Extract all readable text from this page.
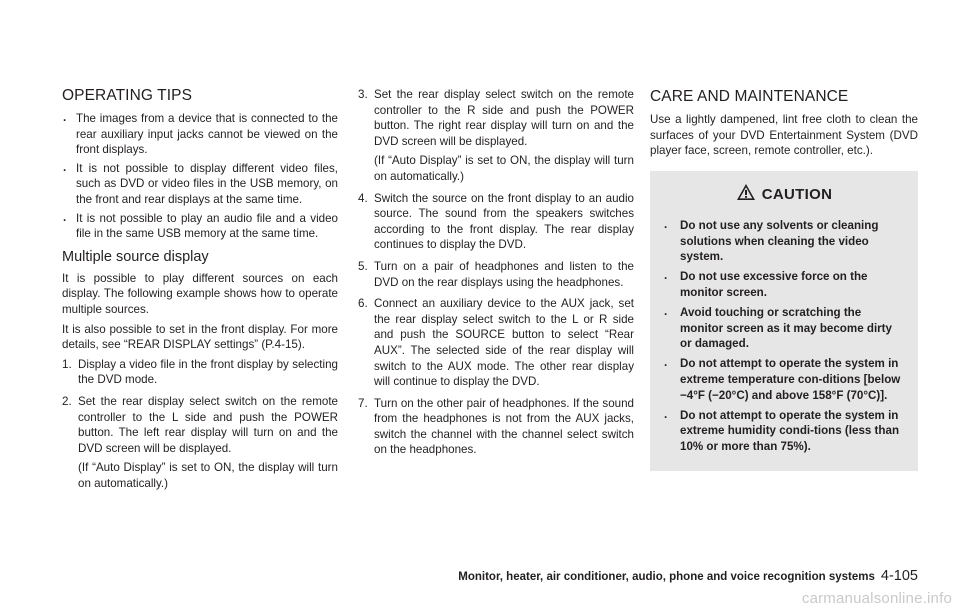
OPERATING TIPS
. The images from a device that is connected to the rear auxiliary input jacks cannot be viewed on the front displays.
. It is not possible to display different video files, such as DVD or video files in the USB memory, on the front and rear displays at the same time.
. It is not possible to play an audio file and a video file in the same USB memory at the same time.
Multiple source display

It is possible to play different sources on each display. The following example shows how to operate multiple sources.

It is also possible to set in the front display. For more details, see “REAR DISPLAY settings” (P.4-15).

1. Display a video file in the front display by selecting the DVD mode.
2. Set the rear display select switch on the remote controller to the L side and push the POWER button. The left rear display will turn on and the DVD screen will be displayed.
(If “Auto Display” is set to ON, the display will turn on automatically.)
3. Set the rear display select switch on the remote controller to the R side and push the POWER button. The right rear display will turn on and the DVD screen will be displayed.
(If “Auto Display” is set to ON, the display will turn on automatically.)
4. Switch the source on the front display to an audio source. The sound from the speakers switches according to the front display. The rear display continues to display the DVD.
5. Turn on a pair of headphones and listen to the DVD on the rear displays using the headphones.
6. Connect an auxiliary device to the AUX jack, set the rear display select switch to the L or R side and push the SOURCE button to select “Rear AUX”. The selected side of the rear display will switch to the AUX mode. The other rear display will continue to display the DVD.
7. Turn on the other pair of headphones. If the sound from the headphones is not from the AUX jacks, switch the channel with the channel select switch on the headphones.
CARE AND MAINTENANCE

Use a lightly dampened, lint free cloth to clean the surfaces of your DVD Entertainment System (DVD player face, screen, remote controller, etc.).

CAUTION
. Do not use any solvents or cleaning solutions when cleaning the video system.
. Do not use excessive force on the monitor screen.
. Avoid touching or scratching the monitor screen as it may become dirty or damaged.
. Do not attempt to operate the system in extreme temperature con-ditions [below −4°F (−20°C) and above 158°F (70°C)].
. Do not attempt to operate the system in extreme humidity condi-tions (less than 10% or more than 75%).
Monitor, heater, air conditioner, audio, phone and voice recognition systems 4-105
carmanualsonline.info
